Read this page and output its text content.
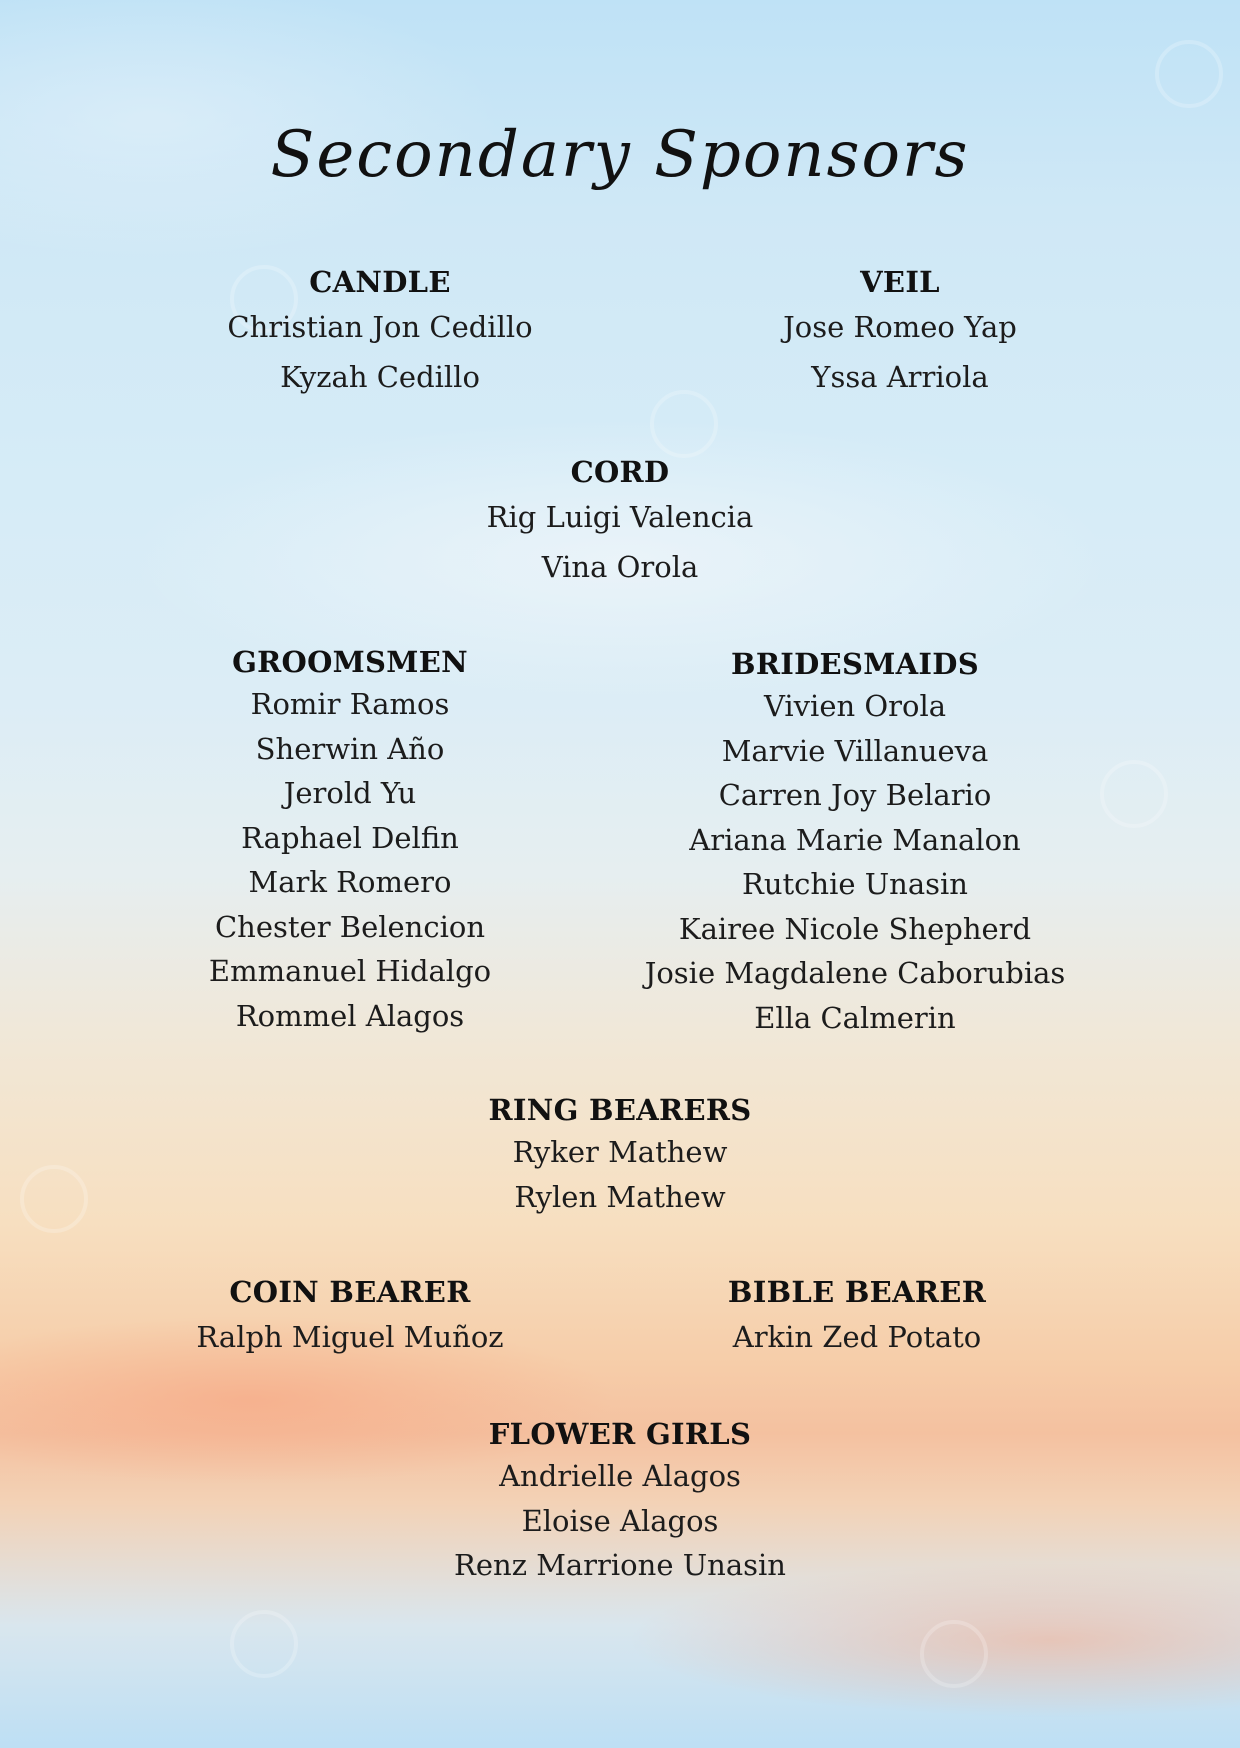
Secondary Sponsors
CANDLE
Christian Jon Cedillo
Kyzah Cedillo
VEIL
Jose Romeo Yap
Yssa Arriola
CORD
Rig Luigi Valencia
Vina Orola
GROOMSMEN
Romir Ramos
Sherwin Año
Jerold Yu
Raphael Delfin
Mark Romero
Chester Belencion
Emmanuel Hidalgo
Rommel Alagos
BRIDESMAIDS
Vivien Orola
Marvie Villanueva
Carren Joy Belario
Ariana Marie Manalon
Rutchie Unasin
Kairee Nicole Shepherd
Josie Magdalene Caborubias
Ella Calmerin
RING BEARERS
Ryker Mathew
Rylen Mathew
COIN BEARER
Ralph Miguel Muñoz
BIBLE BEARER
Arkin Zed Potato
FLOWER GIRLS
Andrielle Alagos
Eloise Alagos
Renz Marrione Unasin
